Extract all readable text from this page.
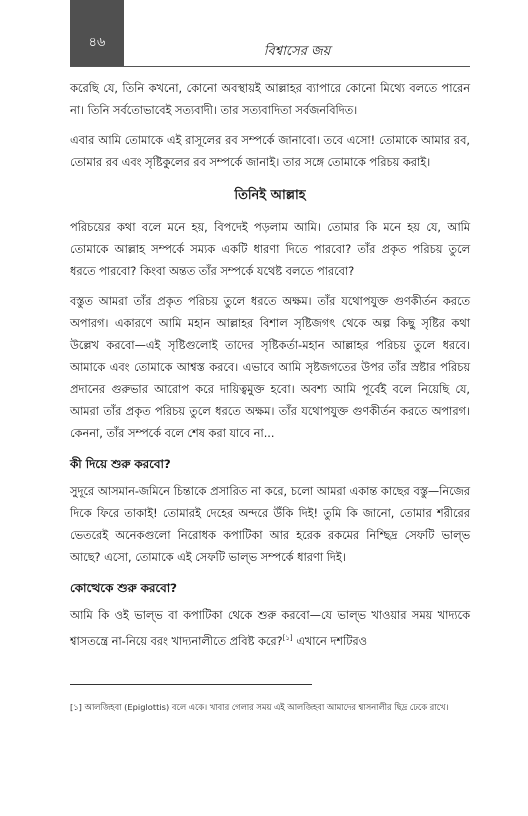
৪৬
বিশ্বাসের জয়

করেছি যে, তিনি কখনো, কোনো অবস্থায়ই আল্লাহর ব্যাপারে কোনো মিথ্যে বলতে পারেন না। তিনি সর্বতোভাবেই সত্যবাদী। তার সত্যবাদিতা সর্বজনবিদিত।

এবার আমি তোমাকে এই রাসূলের রব সম্পর্কে জানাবো। তবে এসো! তোমাকে আমার রব, তোমার রব এবং সৃষ্টিকুলের রব সম্পর্কে জানাই। তার সঙ্গে তোমাকে পরিচয় করাই।

তিনিই আল্লাহ

পরিচয়ের কথা বলে মনে হয়, বিপদেই পড়লাম আমি। তোমার কি মনে হয় যে, আমি তোমাকে আল্লাহ সম্পর্কে সম্যক একটি ধারণা দিতে পারবো? তাঁর প্রকৃত পরিচয় তুলে ধরতে পারবো? কিংবা অন্তত তাঁর সম্পর্কে যথেষ্ট বলতে পারবো?

বস্তুত আমরা তাঁর প্রকৃত পরিচয় তুলে ধরতে অক্ষম। তাঁর যথোপযুক্ত গুণকীর্তন করতে অপারগ। একারণে আমি মহান আল্লাহর বিশাল সৃষ্টিজগৎ থেকে অল্প কিছু সৃষ্টির কথা উল্লেখ করবো—এই সৃষ্টিগুলোই তাদের সৃষ্টিকর্তা-মহান আল্লাহর পরিচয় তুলে ধরবে। আমাকে এবং তোমাকে আশ্বস্ত করবে। এভাবে আমি সৃষ্টজগতের উপর তাঁর স্রষ্টার পরিচয় প্রদানের গুরুভার আরোপ করে দায়িত্বমুক্ত হবো। অবশ্য আমি পূর্বেই বলে নিয়েছি যে, আমরা তাঁর প্রকৃত পরিচয় তুলে ধরতে অক্ষম। তাঁর যথোপযুক্ত গুণকীর্তন করতে অপারগ। কেননা, তাঁর সম্পর্কে বলে শেষ করা যাবে না...

কী দিয়ে শুরু করবো?

সুদূরে আসমান-জমিনে চিন্তাকে প্রসারিত না করে, চলো আমরা একান্ত কাছের বস্তু—নিজের দিকে ফিরে তাকাই! তোমারই দেহের অন্দরে উঁকি দিই! তুমি কি জানো, তোমার শরীরের ভেতরেই অনেকগুলো নিরোধক কপাটিকা আর হরেক রকমের নিশ্ছিদ্র সেফটি ভাল্‌ভ আছে? এসো, তোমাকে এই সেফটি ভাল্‌ভ সম্পর্কে ধারণা দিই।

কোত্থেকে শুরু করবো?

আমি কি ওই ভাল্‌ভ বা কপাটিকা থেকে শুরু করবো—যে ভাল্‌ভ খাওয়ার সময় খাদ্যকে শ্বাসতন্ত্রে না-নিয়ে বরং খাদ্যনালীতে প্রবিষ্ট করে?[১] এখানে দশটিরও

[১] আলজিহবা (Epiglottis) বলে একে। খাবার গেলার সময় এই আলজিহবা আমাদের শ্বাসনালীর ছিদ্র ঢেকে রাখে।
